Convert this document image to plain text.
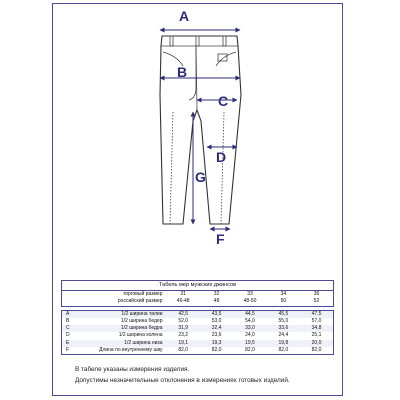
A
B
C
D
G
F
Табель мер мужских джинсов
	торговый размер	31	32	33	34	36
	российский размер	46-48	48	48-50	50	52
A	1/2 ширина талии	42,5	43,5	44,5	45,5	47,5
B	1/2 ширина бедер	52,0	53,0	54,0	55,0	57,0
C	1/2 ширина бедра	31,9	32,4	33,0	33,6	34,8
D	1/2 ширина колена	23,2	23,6	24,0	24,4	25,1
E	1/2 ширина низа	19,1	19,3	19,5	19,8	20,0
F	Длина по внутреннему шву	82,0	82,0	82,0	82,0	82,0
В табеле указаны измерения изделия.
Допустимы незначительные отклонения в измерениях готовых изделий.
